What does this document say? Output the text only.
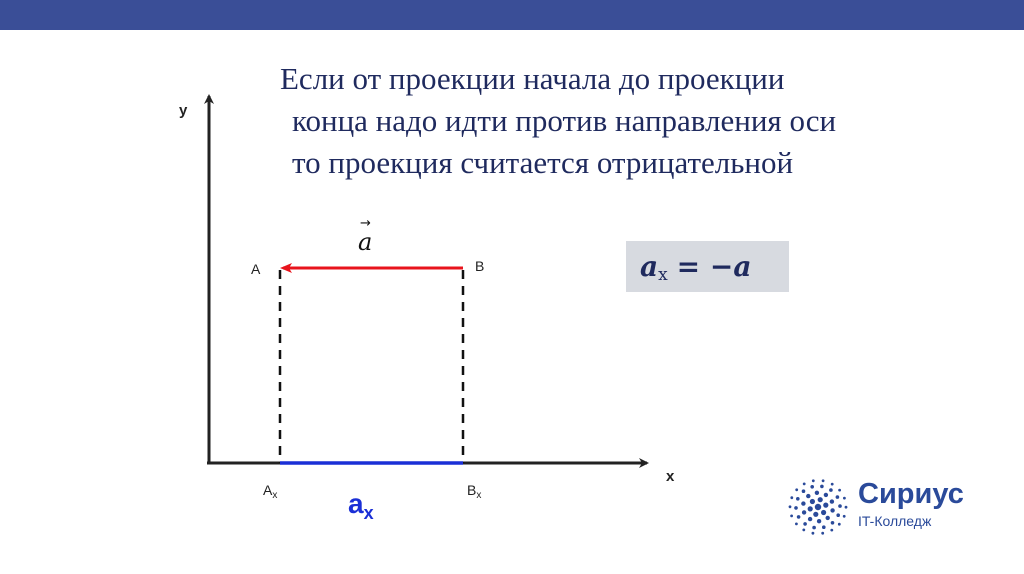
Если от проекции начала до проекции
конца надо идти против направления оси
то проекция считается отрицательной
y
x
A	B
$A_x$	$B_x$
→
a
$a_x$
ax = −a
Сириус
IT-Колледж
